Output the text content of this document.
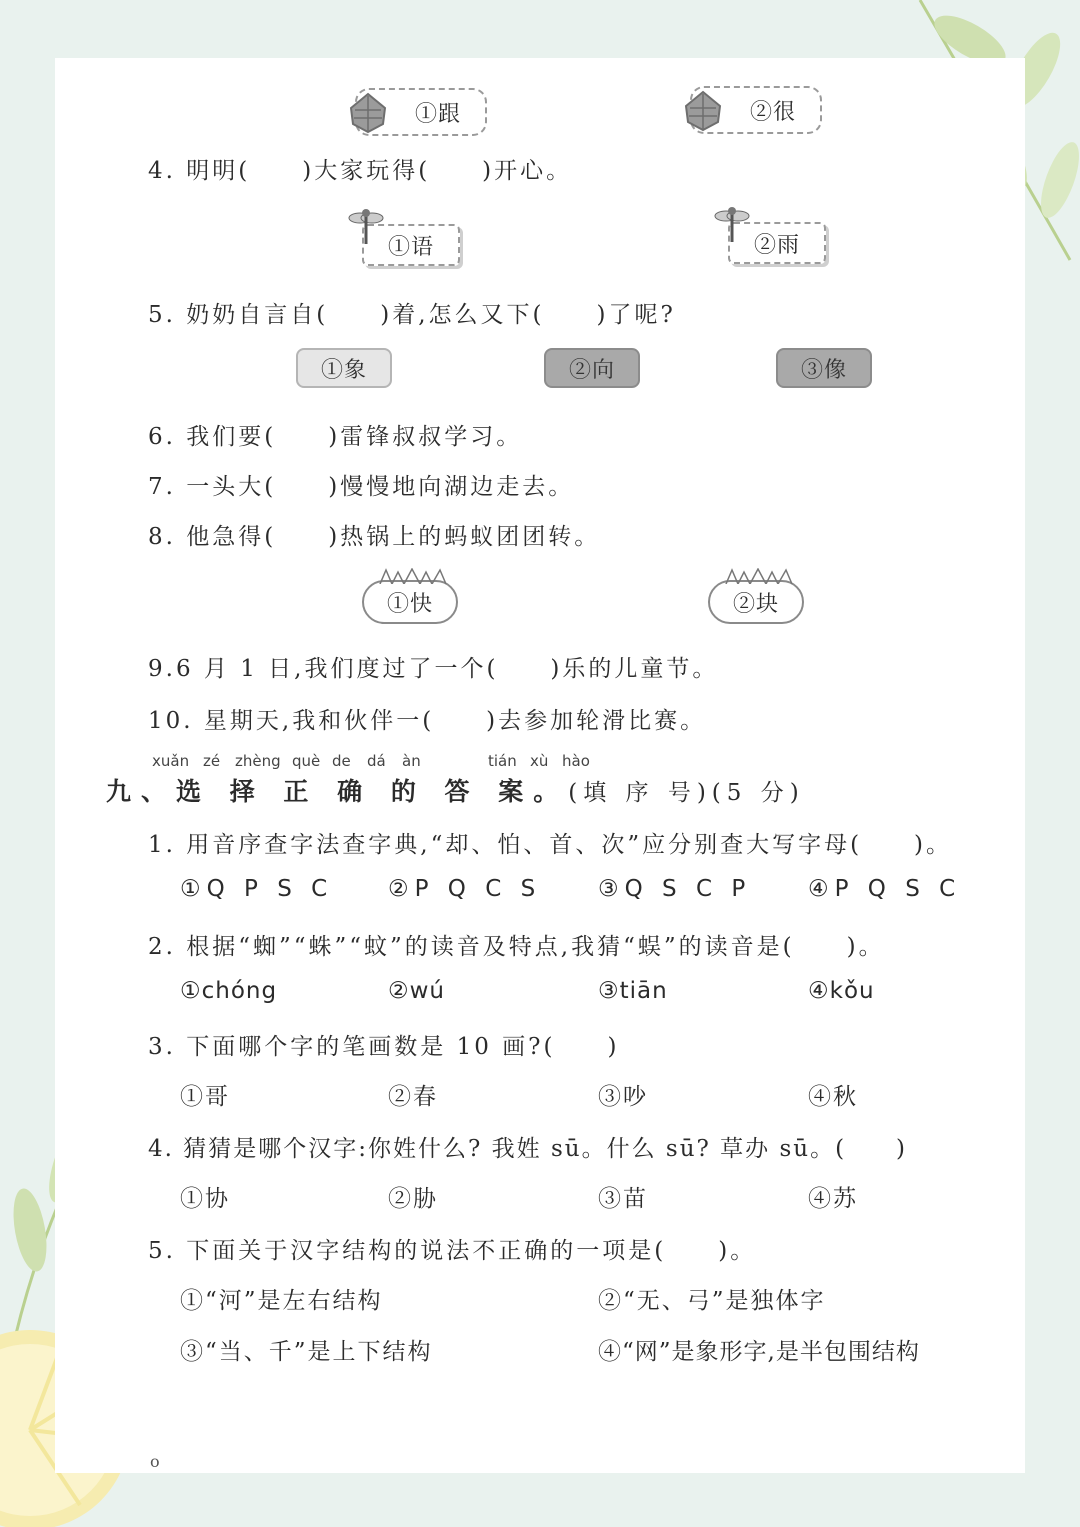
①跟	②很
4. 明明(　　)大家玩得(　　)开心。
①语	②雨
5. 奶奶自言自(　　)着,怎么又下(　　)了呢?
①象	②向	③像
6. 我们要(　　)雷锋叔叔学习。
7. 一头大(　　)慢慢地向湖边走去。
8. 他急得(　　)热锅上的蚂蚁团团转。
①快	②块
9.6 月 1 日,我们度过了一个(　　)乐的儿童节。
10. 星期天,我和伙伴一(　　)去参加轮滑比赛。
xuǎn zé zhèng què de dá àn	tián xù hào
九、选 择 正 确 的 答 案。(填 序 号)(5 分)
1. 用音序查字法查字典,“却、怕、首、次”应分别查大写字母(　　)。
①Q P S C ②P Q C S ③Q S C P ④P Q S C
2. 根据“蜘”“蛛”“蚊”的读音及特点,我猜“蜈”的读音是(　　)。
①chóng	②wú	③tiān	④kǒu
3. 下面哪个字的笔画数是 10 画?(　　)
①哥	②春	③吵	④秋
4. 猜猜是哪个汉字:你姓什么? 我姓 sū。什么 sū? 草办 sū。(　　)
①协	②胁	③苗	④苏
5. 下面关于汉字结构的说法不正确的一项是(　　)。
①“河”是左右结构	②“无、弓”是独体字
③“当、千”是上下结构	④“网”是象形字,是半包围结构
o
